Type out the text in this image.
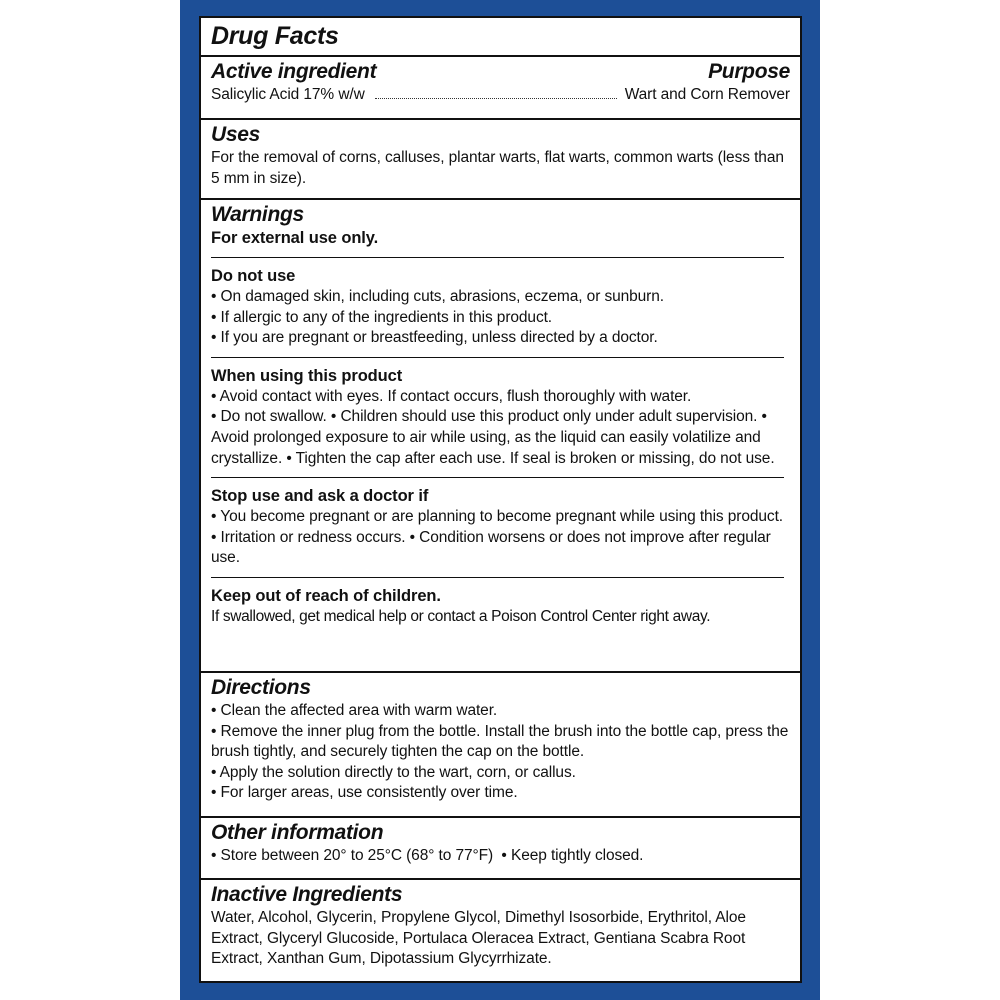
Drug Facts
Active ingredient	Purpose
Salicylic Acid 17% w/w	Wart and Corn Remover
Uses
For the removal of corns, calluses, plantar warts, flat warts, common warts (less than 5 mm in size).
Warnings
For external use only.
Do not use
• On damaged skin, including cuts, abrasions, eczema, or sunburn.
• If allergic to any of the ingredients in this product.
• If you are pregnant or breastfeeding, unless directed by a doctor.
When using this product
• Avoid contact with eyes. If contact occurs, flush thoroughly with water.
• Do not swallow. • Children should use this product only under adult supervision. • Avoid prolonged exposure to air while using, as the liquid can easily volatilize and crystallize. • Tighten the cap after each use. If seal is broken or missing, do not use.
Stop use and ask a doctor if
• You become pregnant or are planning to become pregnant while using this product. • Irritation or redness occurs. • Condition worsens or does not improve after regular use.
Keep out of reach of children.
If swallowed, get medical help or contact a Poison Control Center right away.
Directions
• Clean the affected area with warm water.
• Remove the inner plug from the bottle. Install the brush into the bottle cap, press the brush tightly, and securely tighten the cap on the bottle.
• Apply the solution directly to the wart, corn, or callus.
• For larger areas, use consistently over time.
Other information
• Store between 20° to 25°C (68° to 77°F)  • Keep tightly closed.
Inactive Ingredients
Water, Alcohol, Glycerin, Propylene Glycol, Dimethyl Isosorbide, Erythritol, Aloe Extract, Glyceryl Glucoside, Portulaca Oleracea Extract, Gentiana Scabra Root Extract, Xanthan Gum, Dipotassium Glycyrrhizate.
